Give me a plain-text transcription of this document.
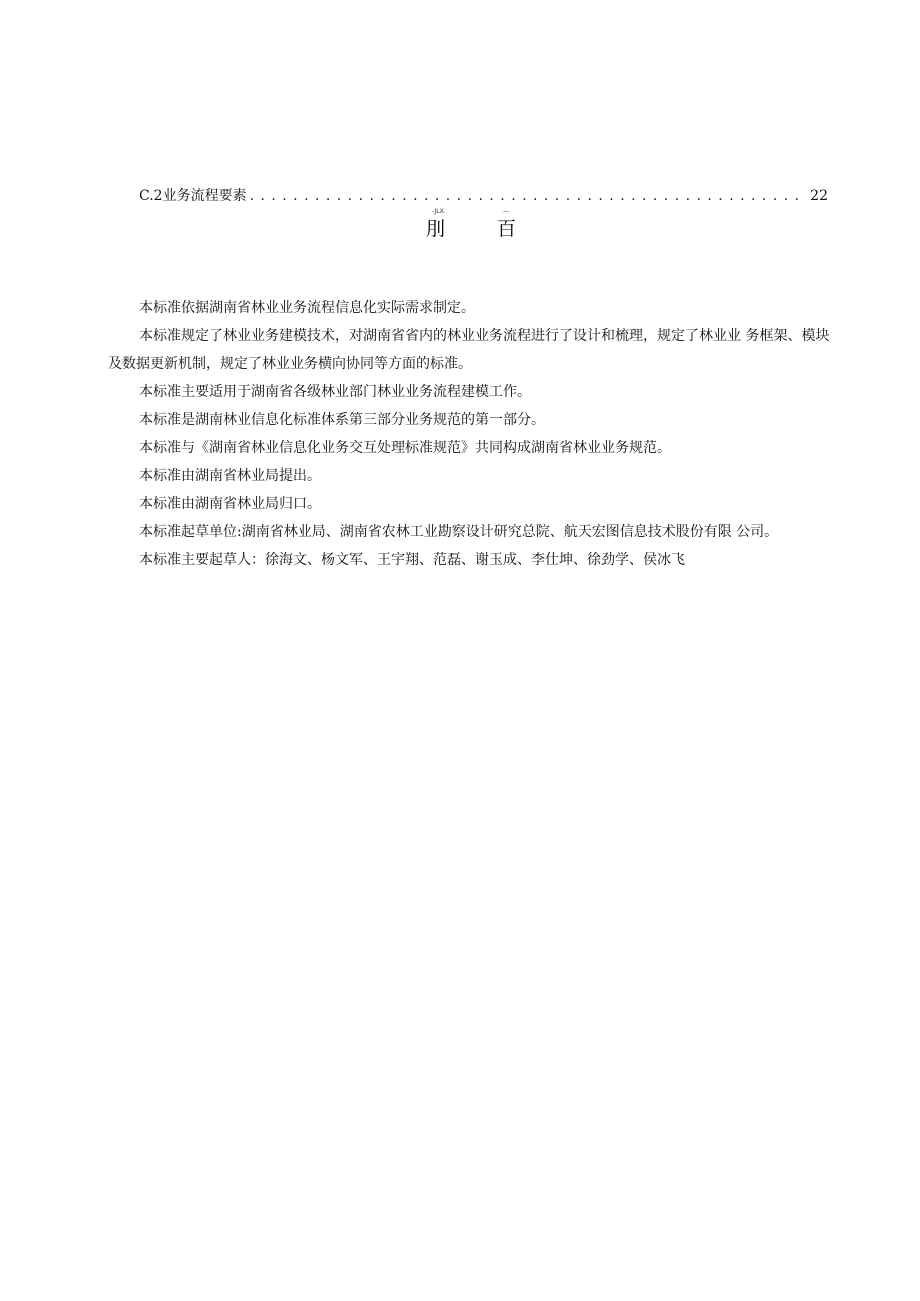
C.2业务流程要素
. . .	22
-JLX.	—
刖	百

本标准依据湖南省林业业务流程信息化实际需求制定。

本标准规定了林业业务建模技术，对湖南省省内的林业业务流程进行了设计和梳理，规定了林业业 务框架、模块及数据更新机制，规定了林业业务横向协同等方面的标准。

本标准主要适用于湖南省各级林业部门林业业务流程建模工作。

本标准是湖南林业信息化标准体系第三部分业务规范的第一部分。

本标准与《湖南省林业信息化业务交互处理标准规范》共同构成湖南省林业业务规范。

本标准由湖南省林业局提出。

本标准由湖南省林业局归口。

本标准起草单位:湖南省林业局、湖南省农林工业勘察设计研究总院、航天宏图信息技术股份有限 公司。

本标准主要起草人：徐海文、杨文军、王宇翔、范磊、谢玉成、李仕坤、徐劲学、侯冰飞
